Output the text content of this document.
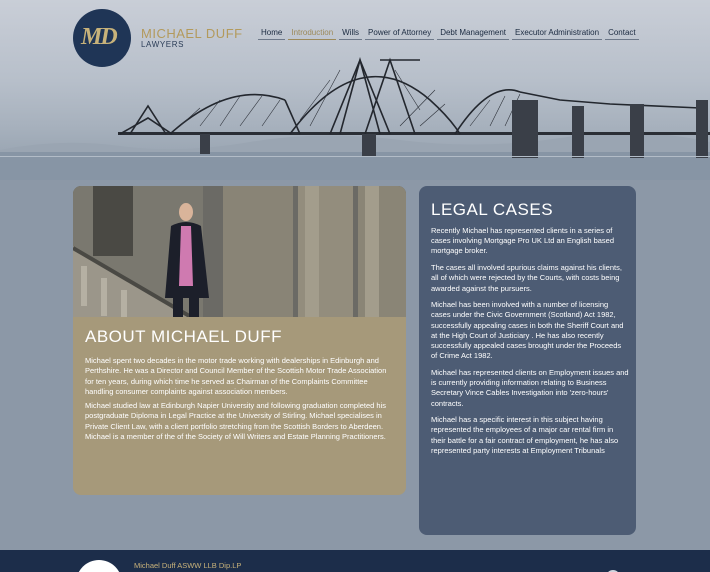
MD	MICHAEL DUFF
LAWYERS
Home	Introduction	Wills	Power of Attorney	Debt Management	Executor Administration	Contact
ABOUT MICHAEL DUFF

Michael spent two decades in the motor trade working with dealerships in Edinburgh and Perthshire. He was a Director and Council Member of the Scottish Motor Trade Association for ten years, during which time he served as Chairman of the Complaints Committee handling consumer complaints against association members.

Michael studied law at Edinburgh Napier University and following graduation completed his postgraduate Diploma in Legal Practice at the University of Stirling. Michael specialises in Private Client Law, with a client portfolio stretching from the Scottish Borders to Aberdeen. Michael is a member of the of the Society of Will Writers and Estate Planning Practitioners.

LEGAL CASES

Recently Michael has represented clients in a series of cases involving Mortgage Pro UK Ltd an English based mortgage broker.

The cases all involved spurious claims against his clients, all of which were rejected by the Courts, with costs being awarded against the pursuers.

Michael has been involved with a number of licensing cases under the Civic Government (Scotland) Act 1982, successfully appealing cases in both the Sheriff Court and at the High Court of Justiciary . He has also recently successfully appealed cases brought under the Proceeds of Crime Act 1982.

Michael has represented clients on Employment issues and is currently providing information relating to Business Secretary Vince Cables Investigation into 'zero-hours' contracts.

Michael has a specific interest in this subject having represented the employees of a major car rental firm in their battle for a fair contract of employment, he has also represented party interests at Employment Tribunals

Michael Duff ASWW LLB Dip.LP
